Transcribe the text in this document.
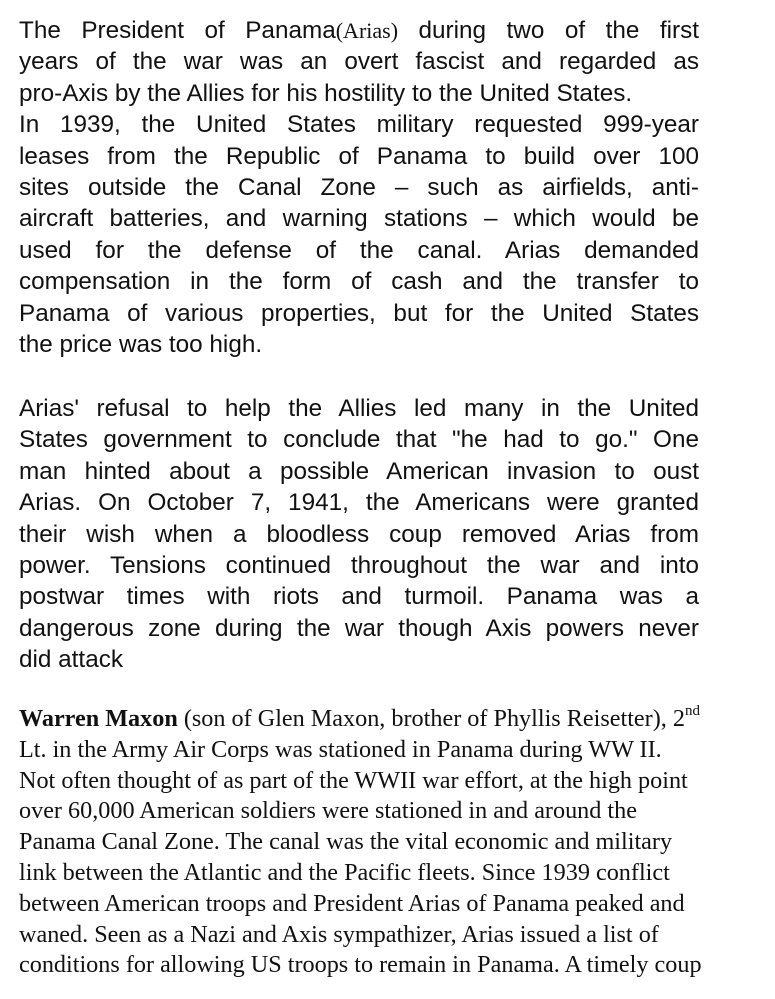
The President of Panama(Arias) during two of the first
years of the war was an overt fascist and regarded as
pro-Axis by the Allies for his hostility to the United States.
In 1939, the United States military requested 999-year
leases from the Republic of Panama to build over 100
sites outside the Canal Zone – such as airfields, anti-
aircraft batteries, and warning stations – which would be
used for the defense of the canal. Arias demanded
compensation in the form of cash and the transfer to
Panama of various properties, but for the United States
the price was too high.
Arias' refusal to help the Allies led many in the United
States government to conclude that "he had to go." One
man hinted about a possible American invasion to oust
Arias. On October 7, 1941, the Americans were granted
their wish when a bloodless coup removed Arias from
power. Tensions continued throughout the war and into
postwar times with riots and turmoil. Panama was a
dangerous zone during the war though Axis powers never
did attack
Warren Maxon (son of Glen Maxon, brother of Phyllis Reisetter), 2nd
Lt. in the Army Air Corps was stationed in Panama during WW II.
Not often thought of as part of the WWII war effort, at the high point
over 60,000 American soldiers were stationed in and around the
Panama Canal Zone. The canal was the vital economic and military
link between the Atlantic and the Pacific fleets. Since 1939 conflict
between American troops and President Arias of Panama peaked and
waned. Seen as a Nazi and Axis sympathizer, Arias issued a list of
conditions for allowing US troops to remain in Panama. A timely coup
